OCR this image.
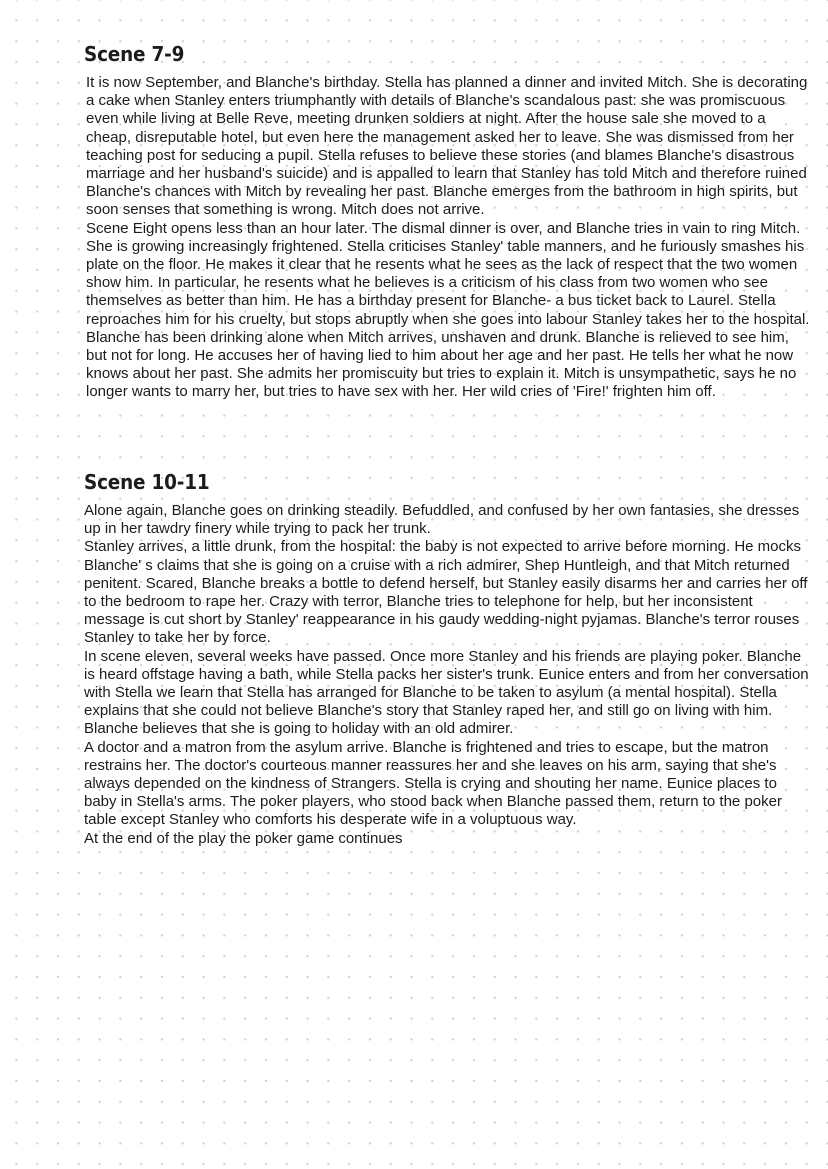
Scene 7-9

It is now September, and Blanche's birthday. Stella has planned a dinner and invited Mitch. She is decorating a cake when Stanley enters triumphantly with details of Blanche's scandalous past: she was promiscuous even while living at Belle Reve, meeting drunken soldiers at night. After the house sale she moved to a cheap, disreputable hotel, but even here the management asked her to leave. She was dismissed from her teaching post for seducing a pupil. Stella refuses to believe these stories (and blames Blanche's disastrous marriage and her husband's suicide) and is appalled to learn that Stanley has told Mitch and therefore ruined Blanche's chances with Mitch by revealing her past. Blanche emerges from the bathroom in high spirits, but soon senses that something is wrong. Mitch does not arrive.

Scene Eight opens less than an hour later. The dismal dinner is over, and Blanche tries in vain to ring Mitch. She is growing increasingly frightened. Stella criticises Stanley' table manners, and he furiously smashes his plate on the floor. He makes it clear that he resents what he sees as the lack of respect that the two women show him. In particular, he resents what he believes is a criticism of his class from two women who see themselves as better than him. He has a birthday present for Blanche- a bus ticket back to Laurel. Stella reproaches him for his cruelty, but stops abruptly when she goes into labour Stanley takes her to the hospital.

Blanche has been drinking alone when Mitch arrives, unshaven and drunk. Blanche is relieved to see him, but not for long. He accuses her of having lied to him about her age and her past. He tells her what he now knows about her past. She admits her promiscuity but tries to explain it. Mitch is unsympathetic, says he no longer wants to marry her, but tries to have sex with her. Her wild cries of 'Fire!' frighten him off.

Scene 10-11

Alone again, Blanche goes on drinking steadily. Befuddled, and confused by her own fantasies, she dresses up in her tawdry finery while trying to pack her trunk.

Stanley arrives, a little drunk, from the hospital: the baby is not expected to arrive before morning. He mocks Blanche' s claims that she is going on a cruise with a rich admirer, Shep Huntleigh, and that Mitch returned penitent. Scared, Blanche breaks a bottle to defend herself, but Stanley easily disarms her and carries her off to the bedroom to rape her. Crazy with terror, Blanche tries to telephone for help, but her inconsistent message is cut short by Stanley' reappearance in his gaudy wedding-night pyjamas. Blanche's terror rouses Stanley to take her by force.

In scene eleven, several weeks have passed. Once more Stanley and his friends are playing poker. Blanche is heard offstage having a bath, while Stella packs her sister's trunk. Eunice enters and from her conversation with Stella we learn that Stella has arranged for Blanche to be taken to asylum (a mental hospital). Stella explains that she could not believe Blanche's story that Stanley raped her, and still go on living with him. Blanche believes that she is going to holiday with an old admirer.

A doctor and a matron from the asylum arrive. Blanche is frightened and tries to escape, but the matron restrains her. The doctor's courteous manner reassures her and she leaves on his arm, saying that she's always depended on the kindness of Strangers. Stella is crying and shouting her name. Eunice places to baby in Stella's arms. The poker players, who stood back when Blanche passed them, return to the poker table except Stanley who comforts his desperate wife in a voluptuous way.

At the end of the play the poker game continues
